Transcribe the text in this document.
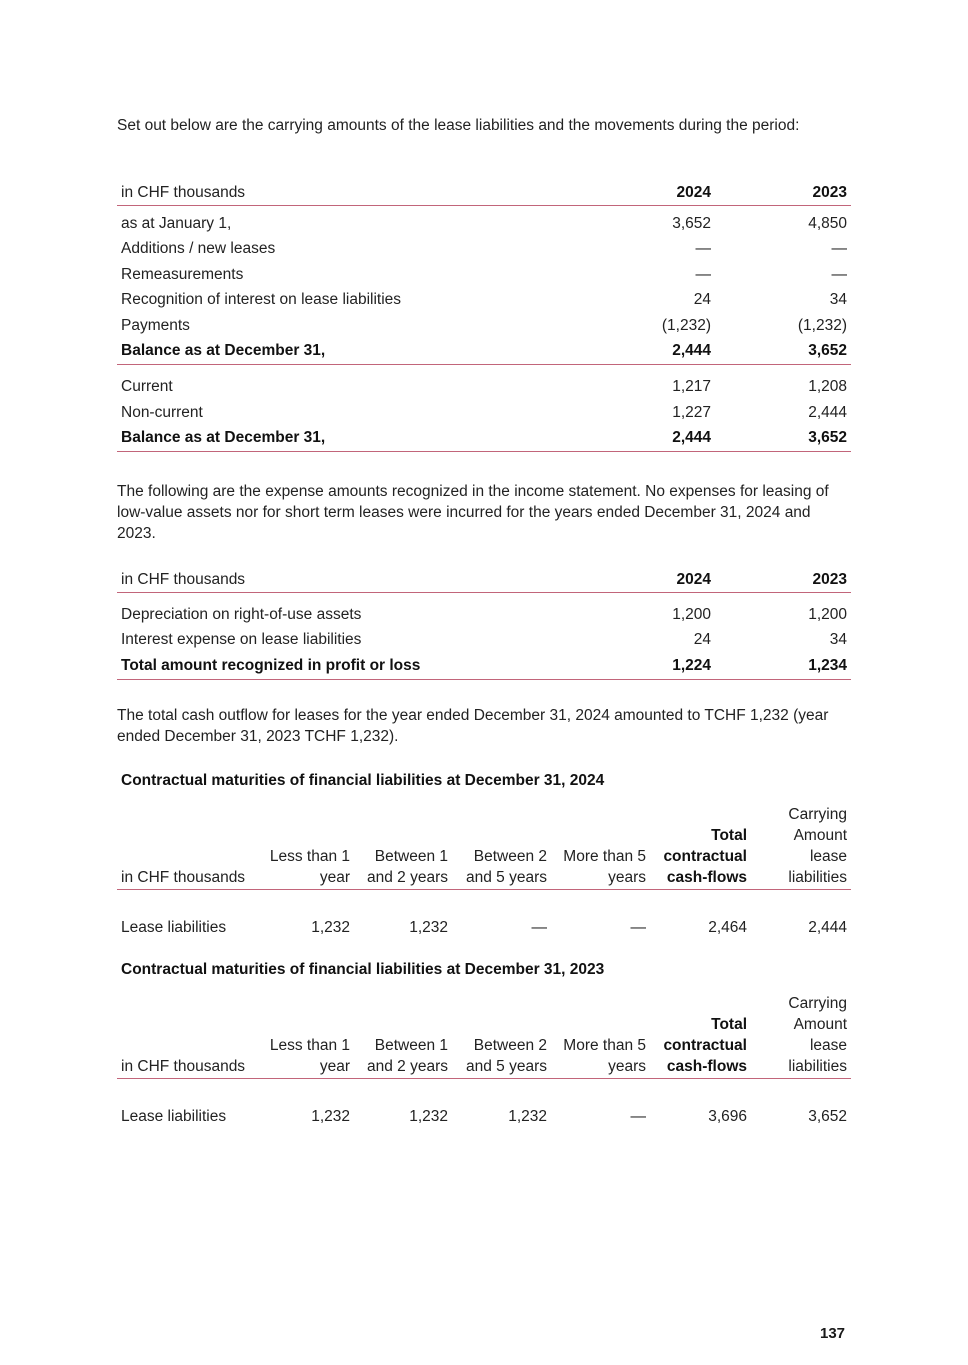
Set out below are the carrying amounts of the lease liabilities and the movements during the period:

in CHF thousands	2024	2023

as at January 1,	3,652	4,850
Additions / new leases	—	—
Remeasurements	—	—
Recognition of interest on lease liabilities	24	34
Payments	(1,232)	(1,232)
Balance as at December 31,	2,444	3,652

Current	1,217	1,208
Non-current	1,227	2,444
Balance as at December 31,	2,444	3,652

The following are the expense amounts recognized in the income statement. No expenses for leasing of low-value assets nor for short term leases were incurred for the years ended December 31, 2024 and 2023.

in CHF thousands	2024	2023

Depreciation on right-of-use assets	1,200	1,200
Interest expense on lease liabilities	24	34
Total amount recognized in profit or loss	1,224	1,234

The total cash outflow for leases for the year ended December 31, 2024 amounted to TCHF 1,232 (year ended December 31, 2023 TCHF 1,232).

Contractual maturities of financial liabilities at December 31, 2024
in CHF thousands	Less than 1 year	Between 1 and 2 years	Between 2 and 5 years	More than 5 years	Total contractual cash-flows	Carrying Amount lease liabilities

Lease liabilities	1,232	1,232	—	—	2,464	2,444
Contractual maturities of financial liabilities at December 31, 2023
in CHF thousands	Less than 1 year	Between 1 and 2 years	Between 2 and 5 years	More than 5 years	Total contractual cash-flows	Carrying Amount lease liabilities

Lease liabilities	1,232	1,232	1,232	—	3,696	3,652
137
